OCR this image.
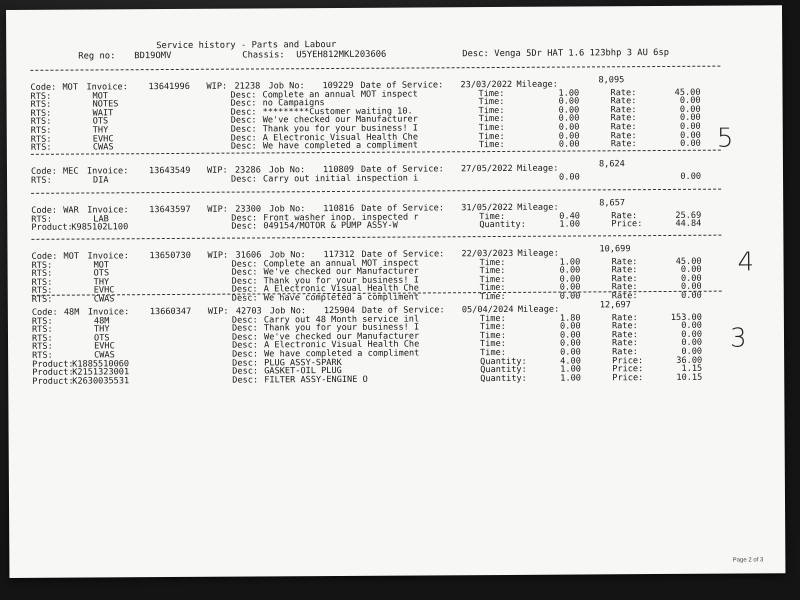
Service history - Parts and Labour
Reg no: BD19OMV	Chassis: U5YEH812MKL203606	Desc: Venga 5Dr HAT 1.6 123bhp 3 AU 6sp
Code: MOT Invoice: 13641996 WIP: 21238 Job No: 109229 Date of Service: 23/03/2022 Mileage:	8,095
RTS:	MOT	Desc: Complete an annual MOT inspect	Time:	1.00	Rate:	45.00
RTS:	NOTES	Desc: no Campaigns	Time:	0.00	Rate:	0.00
RTS:	WAIT	Desc: *********Customer waiting 10.	Time:	0.00	Rate:	0.00
RTS:	OTS	Desc: We've checked our Manufacturer	Time:	0.00	Rate:	0.00
RTS:	THY	Desc: Thank you for your business! I	Time:	0.00	Rate:	0.00
RTS:	EVHC	Desc: A Electronic Visual Health Che	Time:	0.00	Rate:	0.00
RTS:	CWAS	Desc: We have completed a compliment	Time:	0.00	Rate:	0.00
Code: MEC Invoice: 13643549 WIP: 23286 Job No: 110809 Date of Service: 27/05/2022 Mileage:	8,624
RTS:	DIA	Desc: Carry out initial inspection i	0.00	0.00
Code: WAR Invoice: 13643597 WIP: 23300 Job No: 110816 Date of Service: 31/05/2022 Mileage:	8,657
RTS:	LAB	Desc: Front washer inop. inspected r	Time:	0.40	Rate:	25.69
Product:
K985102L100	Desc: 049154/MOTOR & PUMP ASSY-W	Quantity:	1.00	Price:	44.84
Code: MOT Invoice: 13650730 WIP: 31606 Job No: 117312 Date of Service: 22/03/2023 Mileage:	10,699
RTS:	MOT	Desc: Complete an annual MOT inspect	Time:	1.00	Rate:	45.00
RTS:	OTS	Desc: We've checked our Manufacturer	Time:	0.00	Rate:	0.00
RTS:	THY	Desc: Thank you for your business! I	Time:	0.00	Rate:	0.00
RTS:	EVHC	Desc: A Electronic Visual Health Che	Time:	0.00	Rate:	0.00
RTS:	CWAS	Desc: We have completed a compliment	Time:	0.00	Rate:	0.00
Code: 48M Invoice: 13660347 WIP: 42703 Job No: 125904 Date of Service: 05/04/2024 Mileage:	12,697
RTS:	48M	Desc: Carry out 48 Month service inl	Time:	1.80	Rate:	153.00
RTS:	THY	Desc: Thank you for your business! I	Time:	0.00	Rate:	0.00
RTS:	OTS	Desc: We've checked our Manufacturer	Time:	0.00	Rate:	0.00
RTS:	EVHC	Desc: A Electronic Visual Health Che	Time:	0.00	Rate:	0.00
RTS:	CWAS	Desc: We have completed a compliment	Time:	0.00	Rate:	0.00
Product:
K1885510060	Desc: PLUG ASSY-SPARK	Quantity:	4.00	Price:	36.00
Product:
K2151323001	Desc: GASKET-OIL PLUG	Quantity:	1.00	Price:	1.15
Product:
K2630035531	Desc: FILTER ASSY-ENGINE O	Quantity:	1.00	Price:	10.15
5
4
3
Page 2 of 3
